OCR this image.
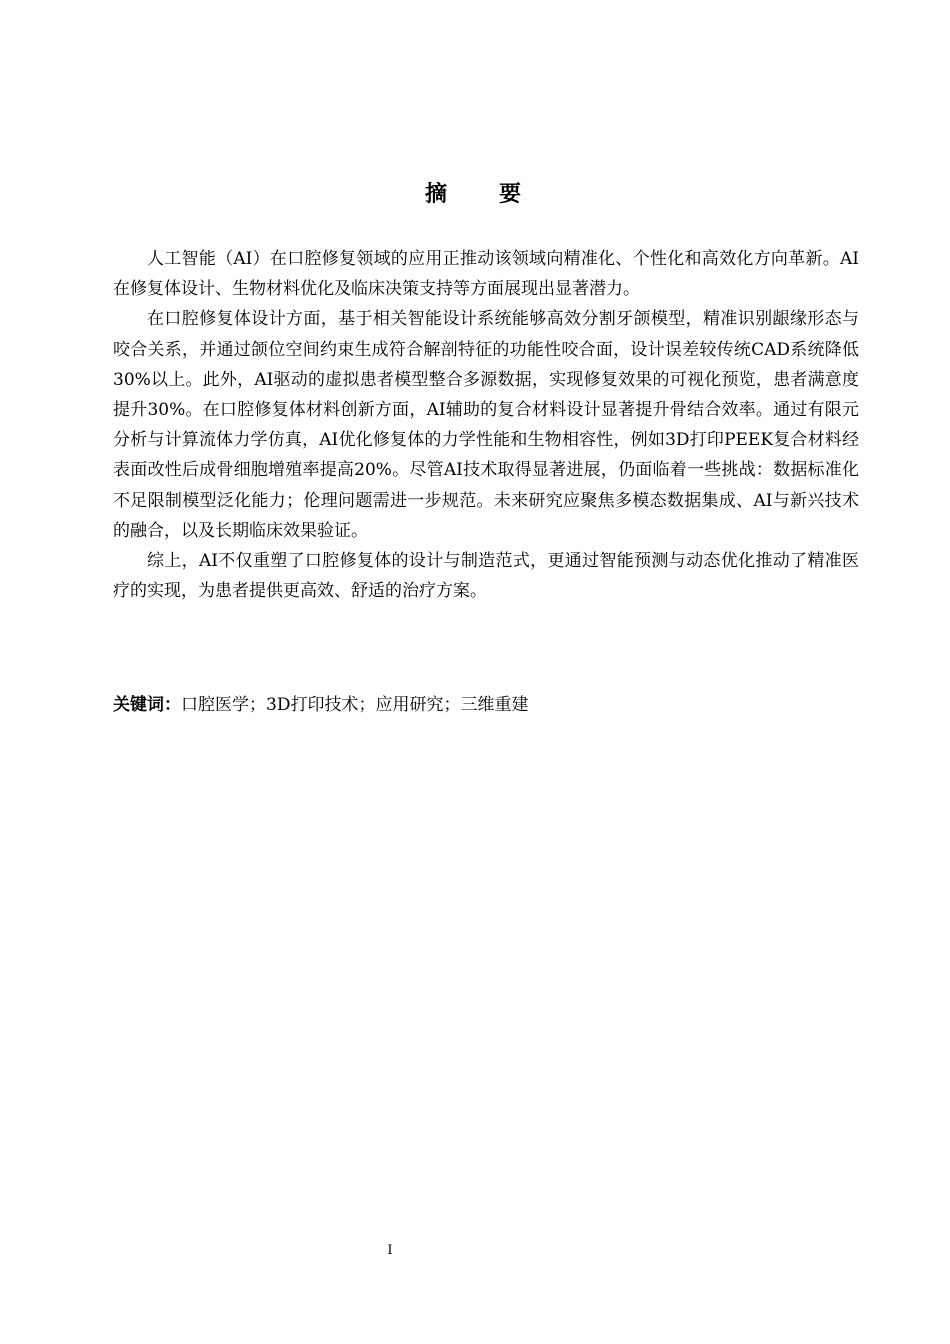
摘 要

人工智能（AI）在口腔修复领域的应用正推动该领域向精准化、个性化和高效化方向革新。AI在修复体设计、生物材料优化及临床决策支持等方面展现出显著潜力。

在口腔修复体设计方面，基于相关智能设计系统能够高效分割牙颌模型，精准识别龈缘形态与咬合关系，并通过颌位空间约束生成符合解剖特征的功能性咬合面，设计误差较传统CAD系统降低30%以上。此外，AI驱动的虚拟患者模型整合多源数据，实现修复效果的可视化预览，患者满意度提升30%。在口腔修复体材料创新方面，AI辅助的复合材料设计显著提升骨结合效率。通过有限元分析与计算流体力学仿真，AI优化修复体的力学性能和生物相容性，例如3D打印PEEK复合材料经表面改性后成骨细胞增殖率提高20%。尽管AI技术取得显著进展，仍面临着一些挑战：数据标准化不足限制模型泛化能力；伦理问题需进一步规范。未来研究应聚焦多模态数据集成、AI与新兴技术的融合，以及长期临床效果验证。

综上，AI不仅重塑了口腔修复体的设计与制造范式，更通过智能预测与动态优化推动了精准医疗的实现，为患者提供更高效、舒适的治疗方案。

关键词：口腔医学；3D打印技术；应用研究；三维重建
I
